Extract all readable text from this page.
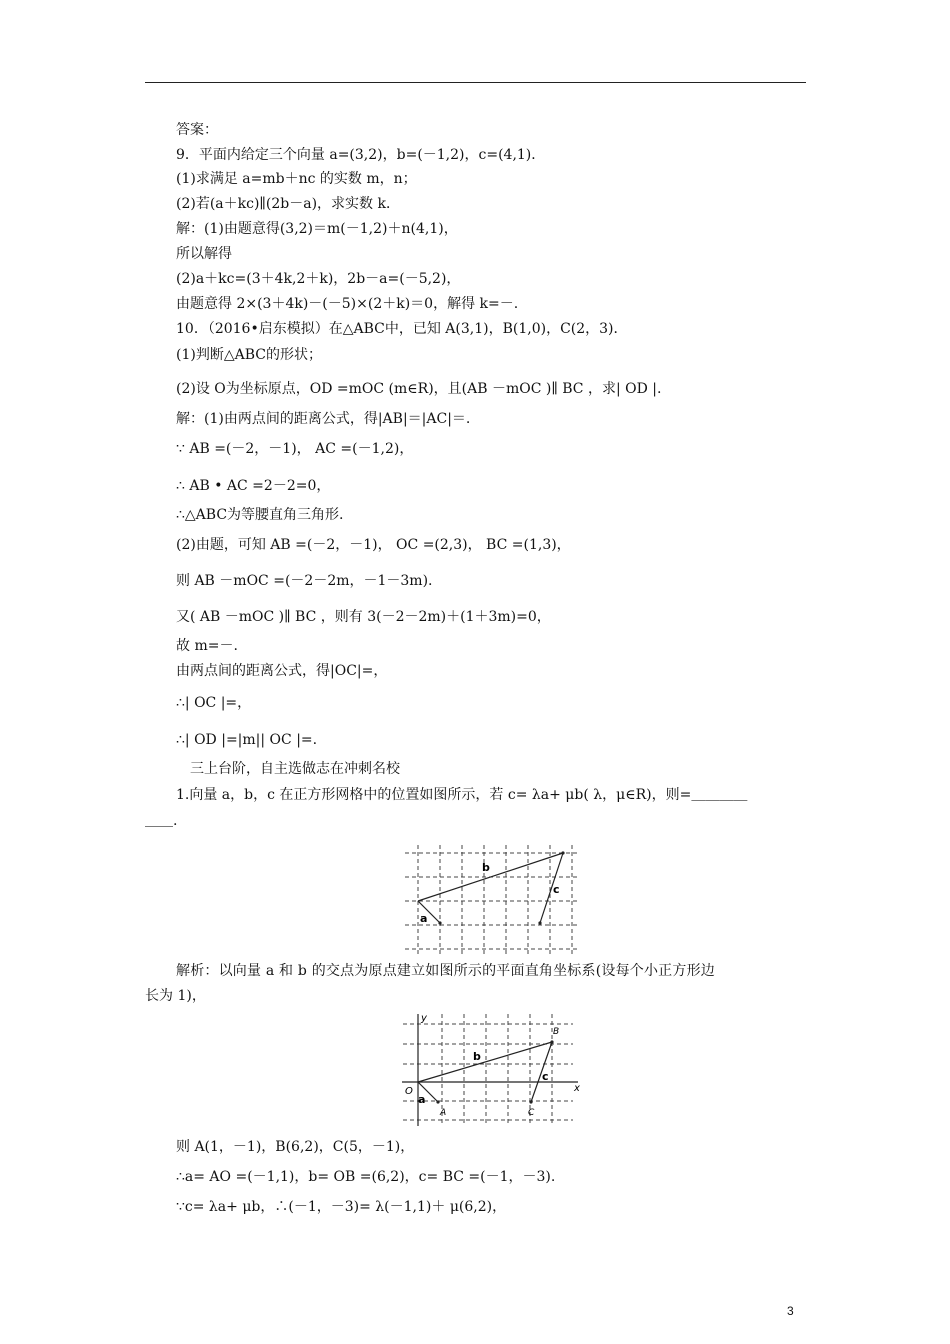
答案：
9．平面内给定三个向量 a=(3,2)，b=(－1,2)，c=(4,1)．
(1)求满足 a=mb＋nc 的实数 m，n；
(2)若(a＋kc)∥(2b－a)，求实数 k．
解：(1)由题意得(3,2)＝m(－1,2)＋n(4,1)，
所以解得
(2)a＋kc=(3＋4k,2＋k)，2b－a=(－5,2)，
由题意得 2×(3＋4k)－(－5)×(2＋k)＝0，解得 k=－.
10．（2016•启东模拟）在△ABC中，已知 A(3,1)，B(1,0)，C(2，3)．
(1)判断△ABC的形状；
(2)设 O为坐标原点，OD =mOC (m∈R)，且(AB －mOC )∥ BC ，求| OD |.
解：(1)由两点间的距离公式，得|AB|＝|AC|＝.
∵ AB =(－2，－1)， AC =(－1,2)，
∴ AB • AC =2－2=0，
∴△ABC为等腰直角三角形.
(2)由题，可知 AB =(－2，－1)， OC =(2,3)， BC =(1,3)，
则 AB －mOC =(－2－2m，－1－3m).
又( AB －mOC )∥ BC ，则有 3(－2－2m)＋(1＋3m)=0，
故 m=－.
由两点间的距离公式，得|OC|=，
∴| OC |=，
∴| OD |=|m|| OC |=.
三上台阶，自主选做志在冲刺名校
1.向量 a，b，c 在正方形网格中的位置如图所示，若 c= λa+ μb( λ，μ∈R)，则=＿＿＿＿
＿＿.
b
a
c
解析：以向量 a 和 b 的交点为原点建立如图所示的平面直角坐标系(设每个小正方形边
长为 1)，
y
x
O
a
b
c
A
B
C
则 A(1，－1)，B(6,2)，C(5，－1)，
∴a= AO =(－1,1)，b= OB =(6,2)，c= BC =(－1，－3).
∵c= λa+ μb，∴(－1，－3)= λ(－1,1)＋ μ(6,2)，
3
